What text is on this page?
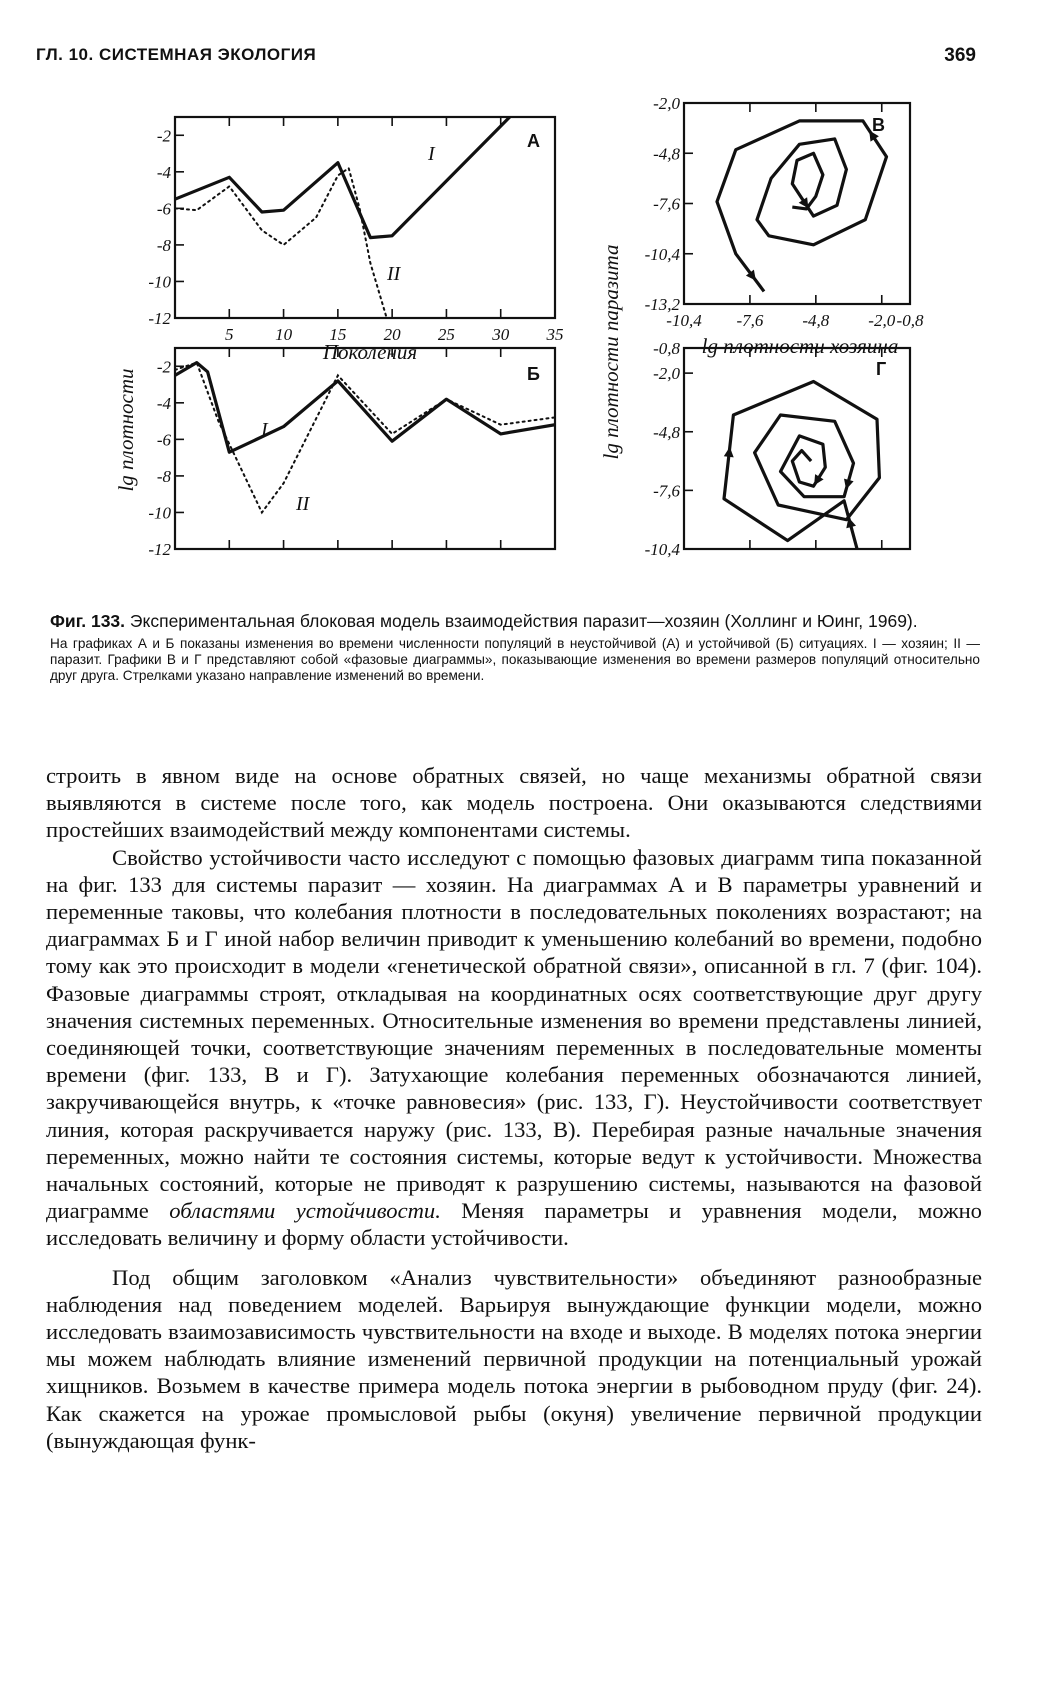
ГЛ. 10. СИСТЕМНАЯ ЭКОЛОГИЯ	369
lg плотности	lg плотности паразита
-2
-4
-6
-8
-10
-12
5 10 15 20 25 30 35
А
I
II
Поколения
-2
-4
-6
-8
-10
-12
Б
I
II
-2,0
-4,8
-7,6
-10,4
-13,2
-10,4 -7,6 -4,8 -2,0 -0,8
В
lg плотности хозяина
-0,8
-2,0
-4,8
-7,6
-10,4
Г

Фиг. 133. Экспериментальная блоковая модель взаимодействия паразит—хозяин (Холлинг и Юинг, 1969).

На графиках А и Б показаны изменения во времени численности популяций в неустойчивой (А) и устойчивой (Б) ситуациях. I — хозяин; II — паразит. Графики В и Г представляют собой «фазовые диаграммы», показывающие изменения во времени размеров популяций относительно друг друга. Стрелками указано направление изменений во времени.

строить в явном виде на основе обратных связей, но чаще механизмы обратной связи выявляются в системе после того, как модель построена. Они оказываются следствиями простейших взаимодействий между компонентами системы.

Свойство устойчивости часто исследуют с помощью фазовых диаграмм типа показанной на фиг. 133 для системы паразит — хозяин. На диаграммах А и В параметры уравнений и переменные таковы, что колебания плотности в последовательных поколениях возрастают; на диаграммах Б и Г иной набор величин приводит к уменьшению колебаний во времени, подобно тому как это происходит в модели «генетической обратной связи», описанной в гл. 7 (фиг. 104). Фазовые диаграммы строят, откладывая на координатных осях соответствующие друг другу значения системных переменных. Относительные изменения во времени представлены линией, соединяющей точки, соответствующие значениям переменных в последовательные моменты времени (фиг. 133, В и Г). Затухающие колебания переменных обозначаются линией, закручивающейся внутрь, к «точке равновесия» (рис. 133, Г). Неустойчивости соответствует линия, которая раскручивается наружу (рис. 133, В). Перебирая разные начальные значения переменных, можно найти те состояния системы, которые ведут к устойчивости. Множества начальных состояний, которые не приводят к разрушению системы, называются на фазовой диаграмме областями устойчивости. Меняя параметры и уравнения модели, можно исследовать величину и форму области устойчивости.

Под общим заголовком «Анализ чувствительности» объединяют разнообразные наблюдения над поведением моделей. Варьируя вынуждающие функции модели, можно исследовать взаимозависимость чувствительности на входе и выходе. В моделях потока энергии мы можем наблюдать влияние изменений первичной продукции на потенциальный урожай хищников. Возьмем в качестве примера модель потока энергии в рыбоводном пруду (фиг. 24). Как скажется на урожае промысловой рыбы (окуня) увеличение первичной продукции (вынуждающая функ-
